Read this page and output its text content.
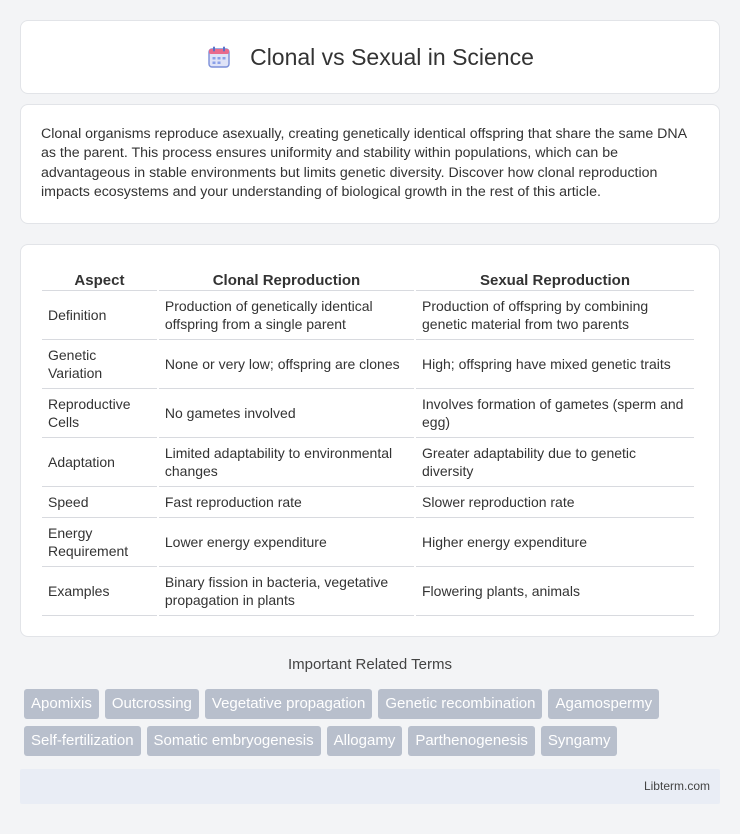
Clonal vs Sexual in Science

Clonal organisms reproduce asexually, creating genetically identical offspring that share the same DNA as the parent. This process ensures uniformity and stability within populations, which can be advantageous in stable environments but limits genetic diversity. Discover how clonal reproduction impacts ecosystems and your understanding of biological growth in the rest of this article.

Aspect	Clonal Reproduction	Sexual Reproduction
Definition	Production of genetically identical offspring from a single parent	Production of offspring by combining genetic material from two parents
Genetic Variation	None or very low; offspring are clones	High; offspring have mixed genetic traits
Reproductive Cells	No gametes involved	Involves formation of gametes (sperm and egg)
Adaptation	Limited adaptability to environmental changes	Greater adaptability due to genetic diversity
Speed	Fast reproduction rate	Slower reproduction rate
Energy Requirement	Lower energy expenditure	Higher energy expenditure
Examples	Binary fission in bacteria, vegetative propagation in plants	Flowering plants, animals
Important Related Terms
Apomixis	Outcrossing	Vegetative propagation	Genetic recombination	Agamospermy
Self-fertilization	Somatic embryogenesis	Allogamy	Parthenogenesis	Syngamy
Libterm.com
